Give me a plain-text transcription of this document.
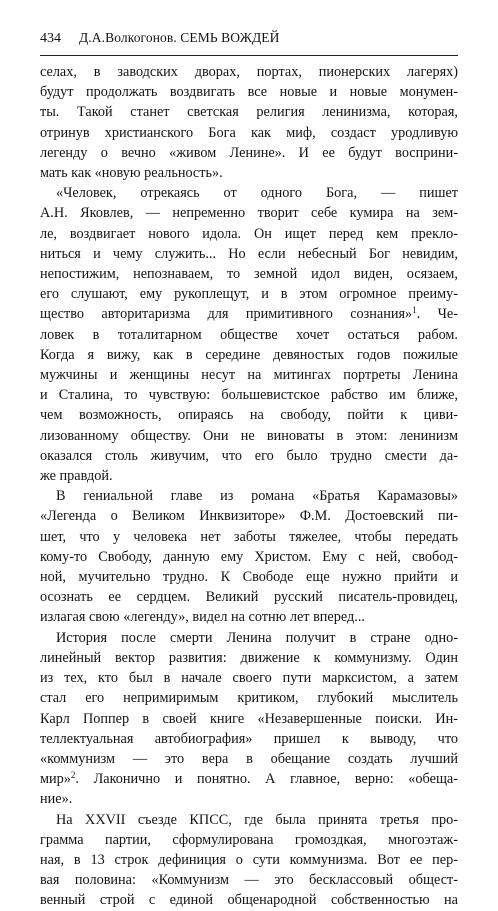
434 Д.А.Волкогонов. СЕМЬ ВОЖДЕЙ
селах, в заводских дворах, портах, пионерских лагерях)
будут продолжать воздвигать все новые и новые монумен-
ты. Такой станет светская религия ленинизма, которая,
отринув христианского Бога как миф, создаст уродливую
легенду о вечно «живом Ленине». И ее будут восприни-
мать как «новую реальность».
«Человек, отрекаясь от одного Бога, — пишет
А.Н. Яковлев, — непременно творит себе кумира на зем-
ле, воздвигает нового идола. Он ищет перед кем прекло-
ниться и чему служить... Но если небесный Бог невидим,
непостижим, непознаваем, то земной идол виден, осязаем,
его слушают, ему рукоплещут, и в этом огромное преиму-
щество авторитаризма для примитивного сознания»$^1$. Че-
ловек в тоталитарном обществе хочет остаться рабом.
Когда я вижу, как в середине девяностых годов пожилые
мужчины и женщины несут на митингах портреты Ленина
и Сталина, то чувствую: большевистское рабство им ближе,
чем возможность, опираясь на свободу, пойти к циви-
лизованному обществу. Они не виноваты в этом: ленинизм
оказался столь живучим, что его было трудно смести да-
же правдой.
В гениальной главе из романа «Братья Карамазовы»
«Легенда о Великом Инквизиторе» Ф.М. Достоевский пи-
шет, что у человека нет заботы тяжелее, чтобы передать
кому-то Свободу, данную ему Христом. Ему с ней, свобод-
ной, мучительно трудно. К Свободе еще нужно прийти и
осознать ее сердцем. Великий русский писатель-провидец,
излагая свою «легенду», видел на сотню лет вперед...
История после смерти Ленина получит в стране одно-
линейный вектор развития: движение к коммунизму. Один
из тех, кто был в начале своего пути марксистом, а затем
стал его непримиримым критиком, глубокий мыслитель
Карл Поппер в своей книге «Незавершенные поиски. Ин-
теллектуальная автобиография» пришел к выводу, что
«коммунизм — это вера в обещание создать лучший
мир»$^2$. Лаконично и понятно. А главное, верно: «обеща-
ние».
На XXVII съезде КПСС, где была принята третья про-
грамма партии, сформулирована громоздкая, многоэтаж-
ная, в 13 строк дефиниция о сути коммунизма. Вот ее пер-
вая половина: «Коммунизм — это бесклассовый общест-
венный строй с единой общенародной собственностью на
